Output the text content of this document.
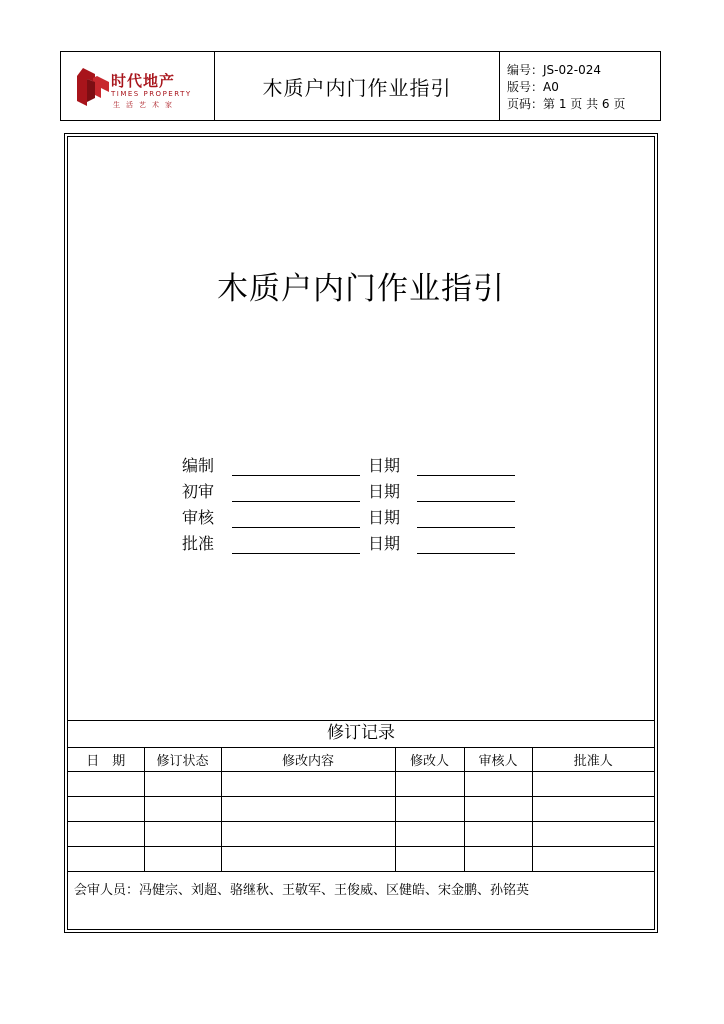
时代地产
TIMES PROPERTY
生活艺术家
木质户内门作业指引
编号：JS-02-024
版号：A0
页码：第 1 页 共 6 页
木质户内门作业指引
编制	日期
初审	日期
审核	日期
批准	日期
修订记录
日　期	修订状态	修改内容	修改人	审核人	批准人

会审人员：冯健宗、刘超、骆继秋、王敬军、王俊威、区健皓、宋金鹏、孙铭英
